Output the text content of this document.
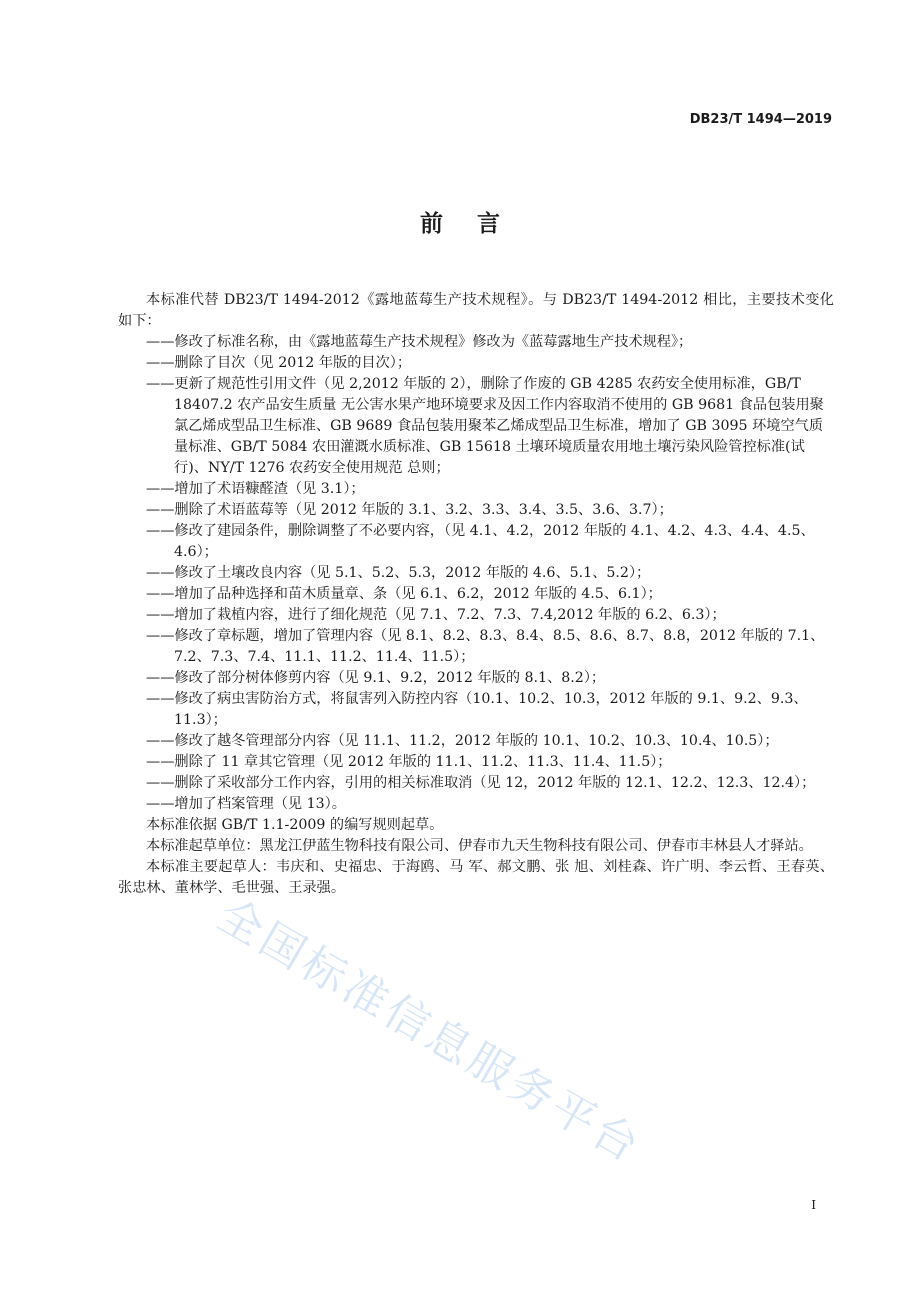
DB23/T 1494—2019
前言

本标准代替 DB23/T 1494-2012《露地蓝莓生产技术规程》。与 DB23/T 1494-2012 相比，主要技术变化如下：

——修改了标准名称，由《露地蓝莓生产技术规程》修改为《蓝莓露地生产技术规程》；

——删除了目次（见 2012 年版的目次）；

——更新了规范性引用文件（见 2,2012 年版的 2），删除了作废的 GB 4285 农药安全使用标准，GB/T 18407.2 农产品安生质量 无公害水果产地环境要求及因工作内容取消不使用的 GB 9681 食品包装用聚氯乙烯成型品卫生标准、GB 9689 食品包装用聚苯乙烯成型品卫生标准，增加了 GB 3095 环境空气质量标准、GB/T 5084 农田灌溉水质标准、GB 15618 土壤环境质量农用地土壤污染风险管控标准(试行)、NY/T 1276 农药安全使用规范 总则；

——增加了术语糠醛渣（见 3.1）；

——删除了术语蓝莓等（见 2012 年版的 3.1、3.2、3.3、3.4、3.5、3.6、3.7）；

——修改了建园条件，删除调整了不必要内容，（见 4.1、4.2，2012 年版的 4.1、4.2、4.3、4.4、4.5、4.6）；

——修改了土壤改良内容（见 5.1、5.2、5.3，2012 年版的 4.6、5.1、5.2）；

——增加了品种选择和苗木质量章、条（见 6.1、6.2，2012 年版的 4.5、6.1）；

——增加了栽植内容，进行了细化规范（见 7.1、7.2、7.3、7.4,2012 年版的 6.2、6.3）；

——修改了章标题，增加了管理内容（见 8.1、8.2、8.3、8.4、8.5、8.6、8.7、8.8，2012 年版的 7.1、7.2、7.3、7.4、11.1、11.2、11.4、11.5）；

——修改了部分树体修剪内容（见 9.1、9.2，2012 年版的 8.1、8.2）；

——修改了病虫害防治方式，将鼠害列入防控内容（10.1、10.2、10.3，2012 年版的 9.1、9.2、9.3、11.3）；

——修改了越冬管理部分内容（见 11.1、11.2，2012 年版的 10.1、10.2、10.3、10.4、10.5）；

——删除了 11 章其它管理（见 2012 年版的 11.1、11.2、11.3、11.4、11.5）；

——删除了采收部分工作内容，引用的相关标准取消（见 12，2012 年版的 12.1、12.2、12.3、12.4）；

——增加了档案管理（见 13）。

本标准依据 GB/T 1.1-2009 的编写规则起草。

本标准起草单位：黑龙江伊蓝生物科技有限公司、伊春市九天生物科技有限公司、伊春市丰林县人才驿站。

本标准主要起草人：韦庆和、史福忠、于海鸥、马 军、郝文鹏、张 旭、刘桂森、许广明、李云哲、王春英、张忠林、董林学、毛世强、王录强。

全国标准信息服务平台
I
